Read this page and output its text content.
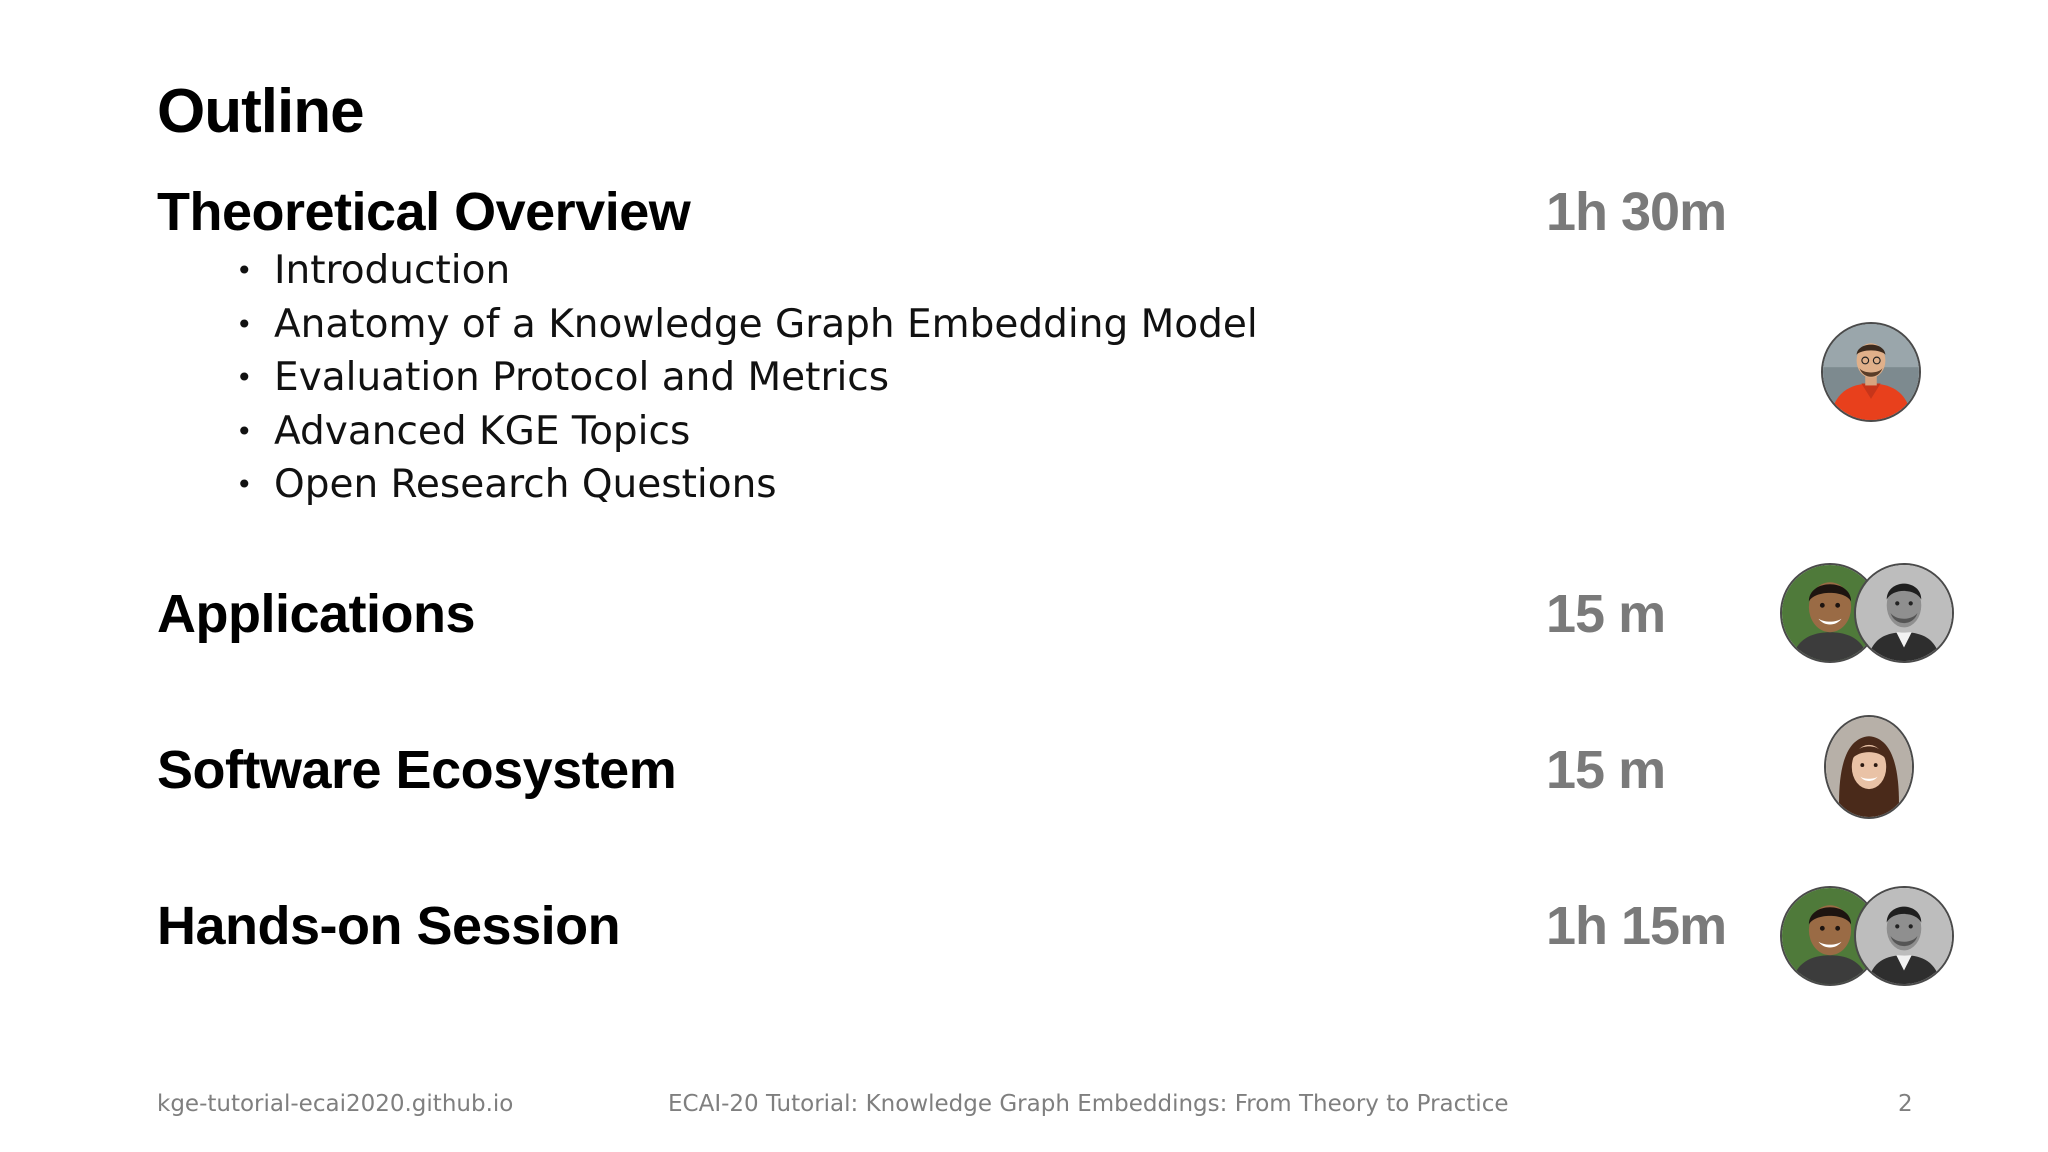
Outline
Theoretical Overview	1h 30m
• Introduction
• Anatomy of a Knowledge Graph Embedding Model
• Evaluation Protocol and Metrics
• Advanced KGE Topics
• Open Research Questions
Applications	15 m
Software Ecosystem	15 m
Hands-on Session	1h 15m
kge-tutorial-ecai2020.github.io	ECAI-20 Tutorial: Knowledge Graph Embeddings: From Theory to Practice	2
